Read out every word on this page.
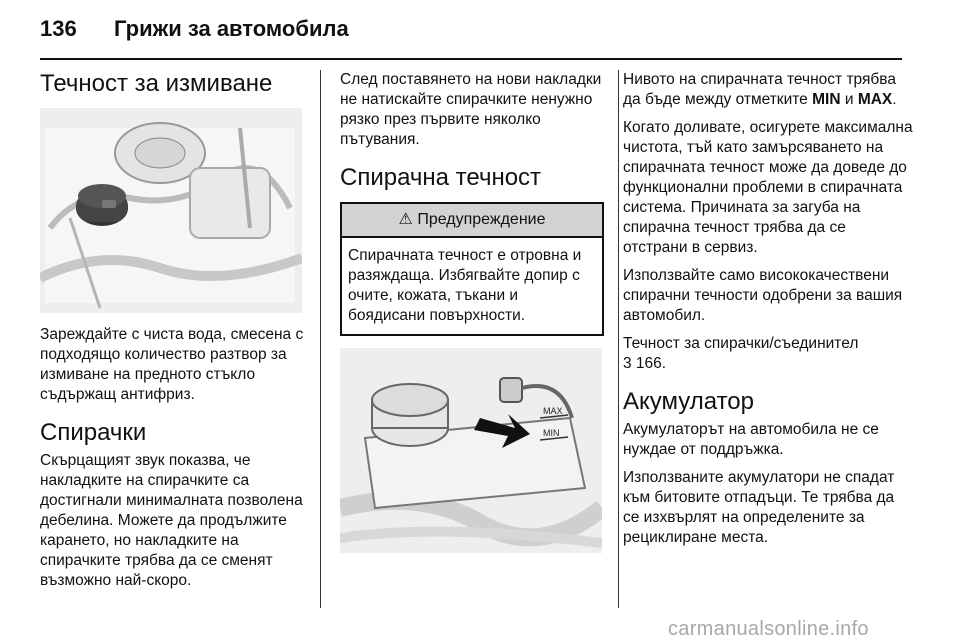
136 Грижи за автомобила
Течност за измиване

Зареждайте с чиста вода, смесена с подходящо количество разтвор за измиване на предното стъкло съдържащ антифриз.

Спирачки

Скърцащият звук показва, че накладките на спирачките са достигнали минималната позволена дебелина. Можете да продължите карането, но накладките на спирачките трябва да се сменят възможно най-скоро.

След поставянето на нови накладки не натискайте спирачките ненужно рязко през първите няколко пътувания.

Спирачна течност
⚠ Предупреждение
Спирачната течност е отровна и разяждаща. Избягвайте допир с очите, кожата, тъкани и боядисани повърхности.
MAX
MIN

Нивото на спирачната течност трябва да бъде между отметките MIN и MAX.

Когато доливате, осигурете максимална чистота, тъй като замърсяването на спирачната течност може да доведе до функционални проблеми в спирачната система. Причината за загуба на спирачна течност трябва да се отстрани в сервиз.

Използвайте само висококачествени спирачни течности одобрени за вашия автомобил.

Течност за спирачки/съединител
3 166.

Акумулатор

Акумулаторът на автомобила не се нуждае от поддръжка.

Използваните акумулатори не спадат към битовите отпадъци. Те трябва да се изхвърлят на определените за рециклиране места.

carmanualsonline.info
